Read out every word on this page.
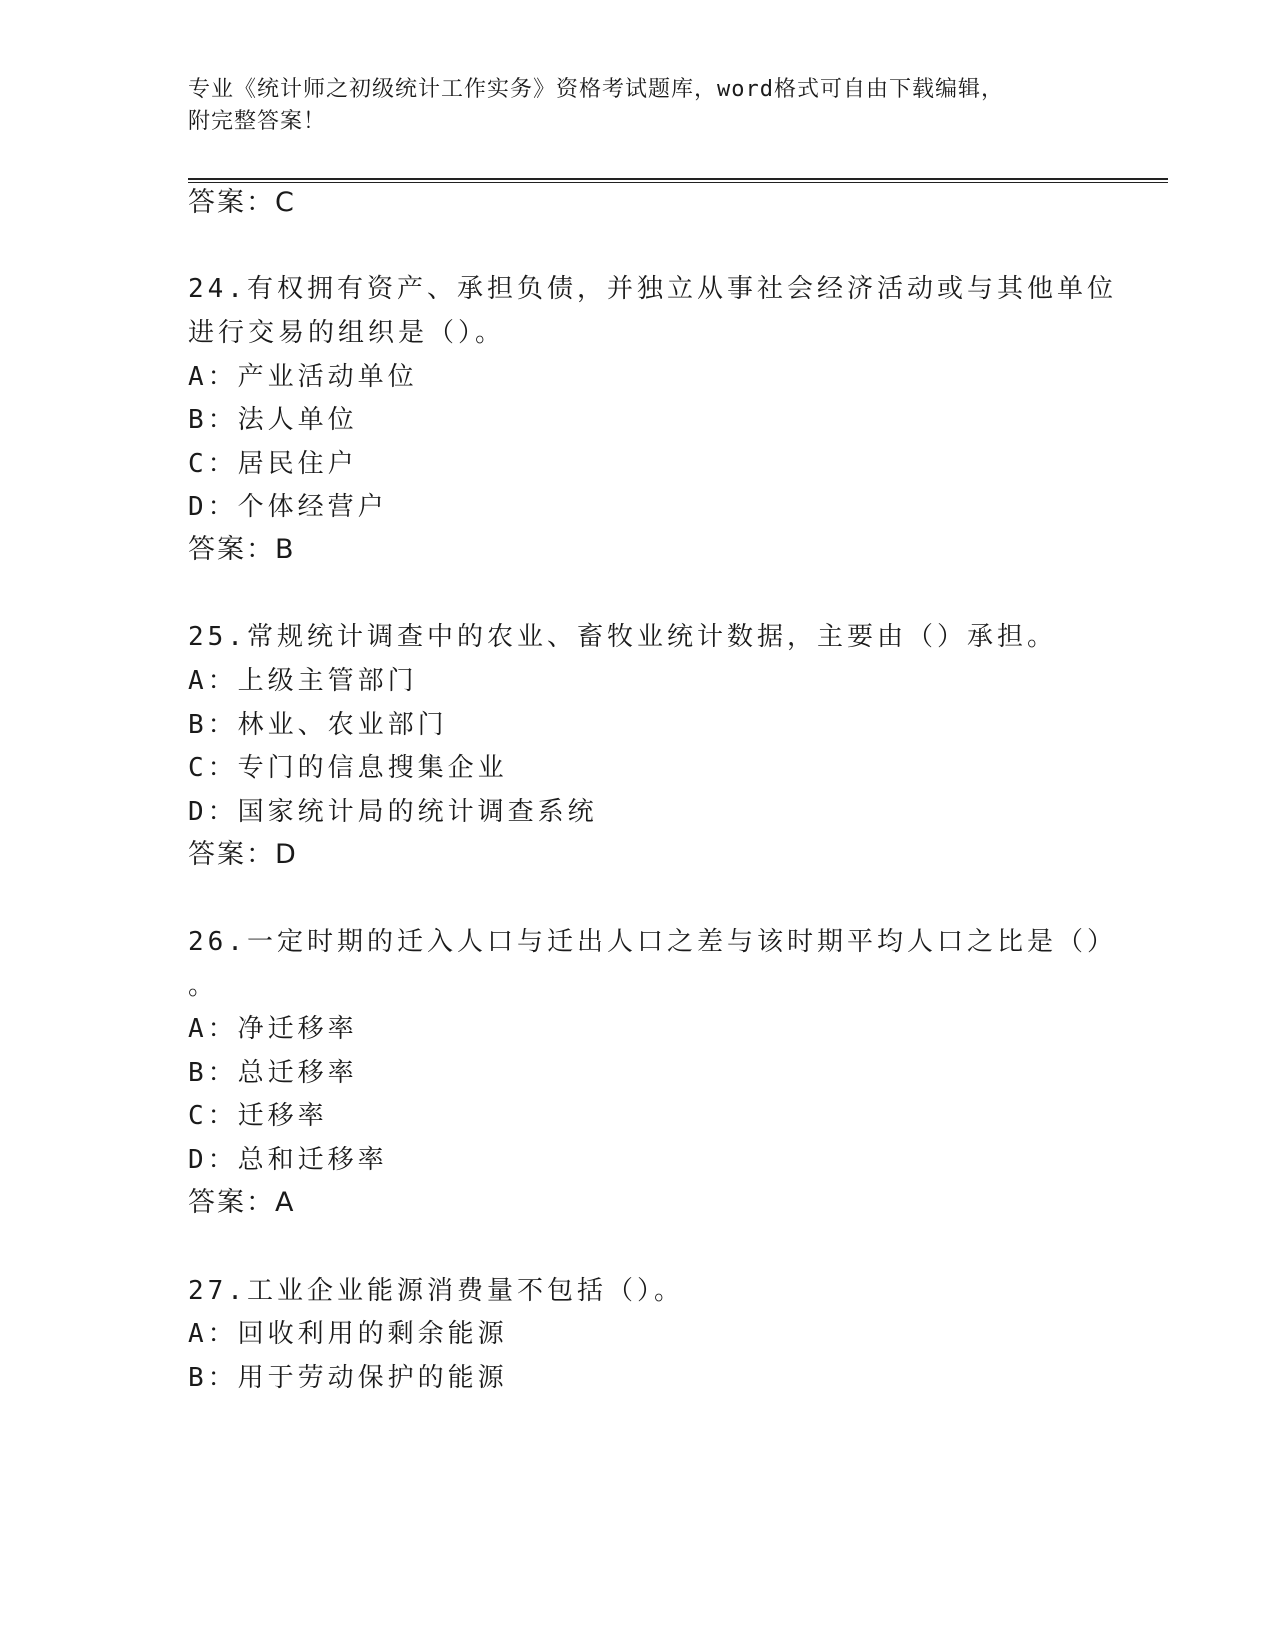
专业《统计师之初级统计工作实务》资格考试题库，word格式可自由下载编辑，
附完整答案！
答案：C
24.有权拥有资产、承担负债，并独立从事社会经济活动或与其他单位
进行交易的组织是（）。
A：产业活动单位
B：法人单位
C：居民住户
D：个体经营户
答案：B
25.常规统计调查中的农业、畜牧业统计数据，主要由（）承担。
A：上级主管部门
B：林业、农业部门
C：专门的信息搜集企业
D：国家统计局的统计调查系统
答案：D
26.一定时期的迁入人口与迁出人口之差与该时期平均人口之比是（）
。
A：净迁移率
B：总迁移率
C：迁移率
D：总和迁移率
答案：A
27.工业企业能源消费量不包括（）。
A：回收利用的剩余能源
B：用于劳动保护的能源
